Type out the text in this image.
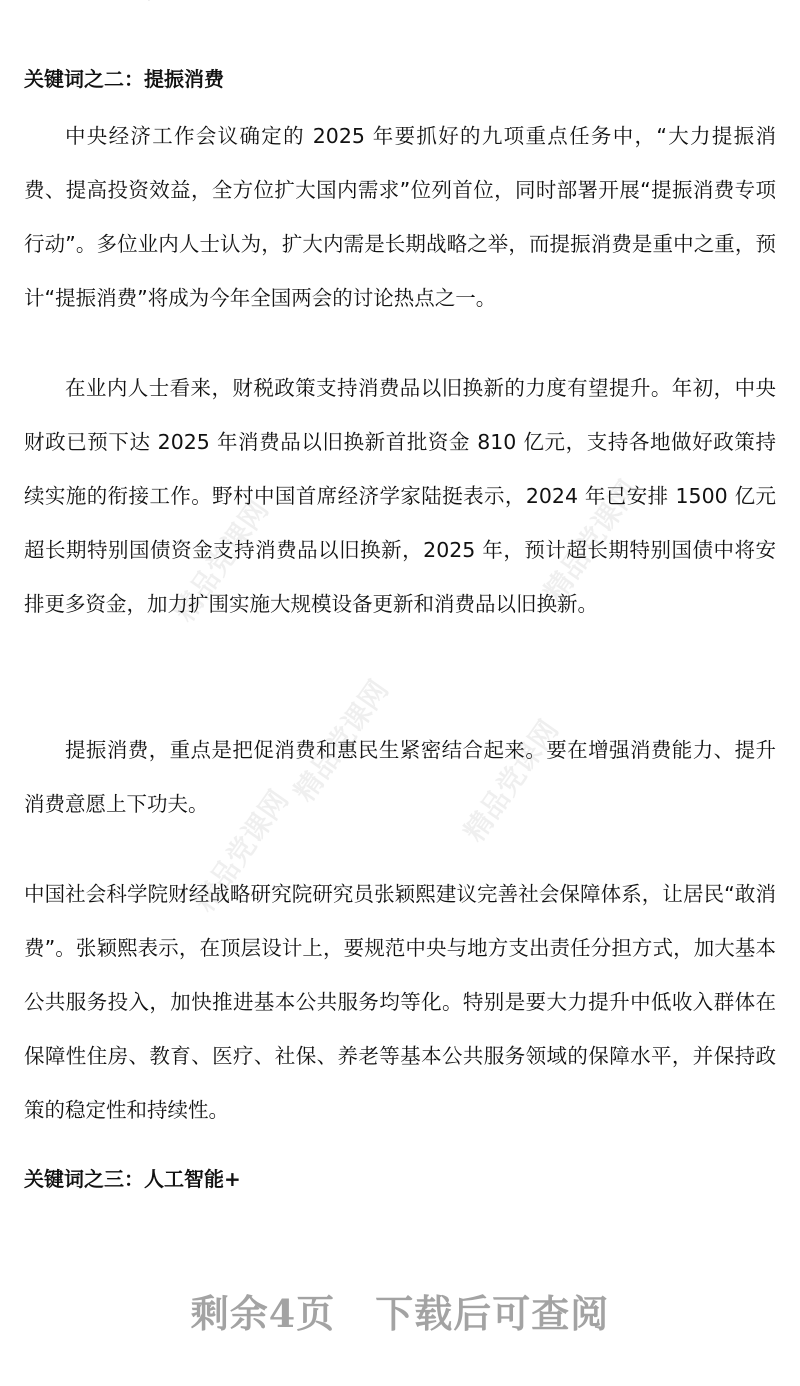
精品党课网	精品党课网
精品党课网 精品党课网
精品党课网

关键词之二：提振消费

中央经济工作会议确定的 2025 年要抓好的九项重点任务中，“大力提振消费、提高投资效益，全方位扩大国内需求”位列首位，同时部署开展“提振消费专项行动”。多位业内人士认为，扩大内需是长期战略之举，而提振消费是重中之重，预计“提振消费”将成为今年全国两会的讨论热点之一。

在业内人士看来，财税政策支持消费品以旧换新的力度有望提升。年初，中央财政已预下达 2025 年消费品以旧换新首批资金 810 亿元，支持各地做好政策持续实施的衔接工作。野村中国首席经济学家陆挺表示，2024 年已安排 1500 亿元超长期特别国债资金支持消费品以旧换新，2025 年，预计超长期特别国债中将安排更多资金，加力扩围实施大规模设备更新和消费品以旧换新。

提振消费，重点是把促消费和惠民生紧密结合起来。要在增强消费能力、提升消费意愿上下功夫。

中国社会科学院财经战略研究院研究员张颖熙建议完善社会保障体系，让居民“敢消费”。张颖熙表示，在顶层设计上，要规范中央与地方支出责任分担方式，加大基本公共服务投入，加快推进基本公共服务均等化。特别是要大力提升中低收入群体在保障性住房、教育、医疗、社保、养老等基本公共服务领域的保障水平，并保持政策的稳定性和持续性。

关键词之三：人工智能+
剩余4页 下载后可查阅
